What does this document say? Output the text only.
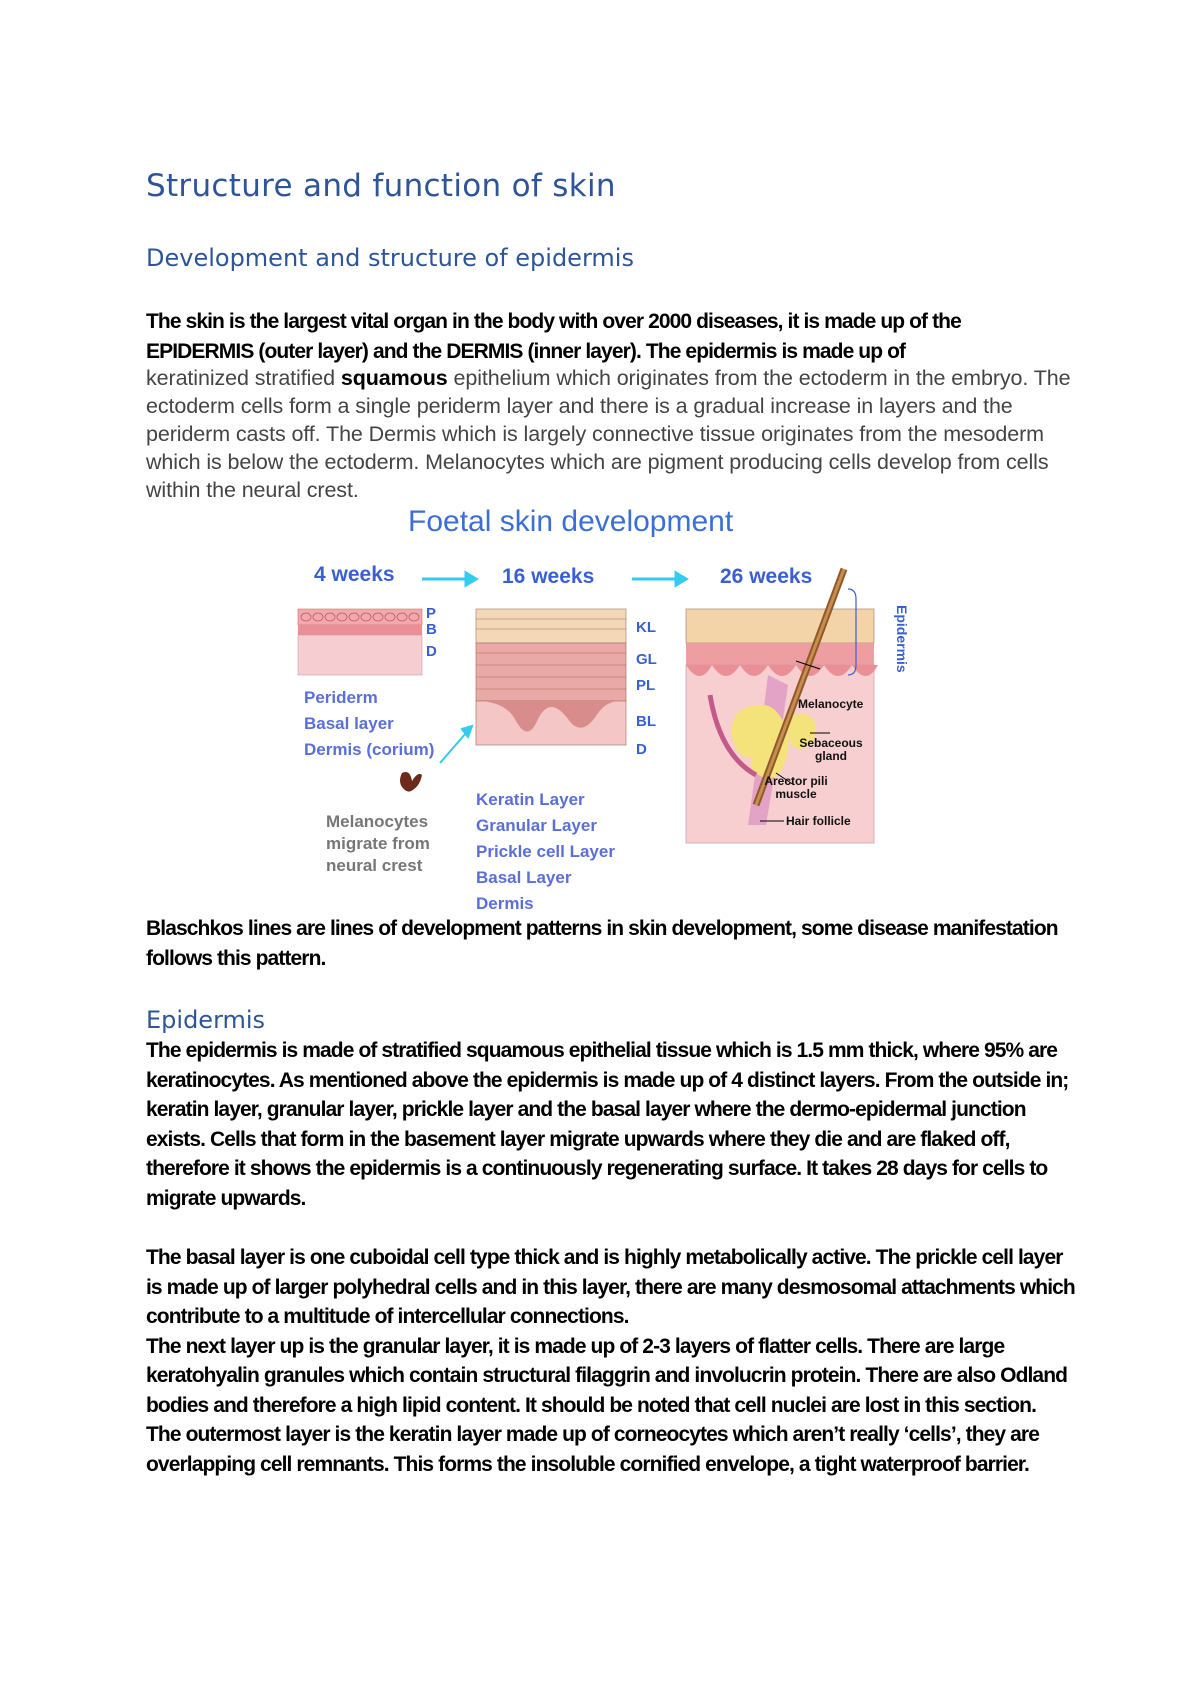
Structure and function of skin
Development and structure of epidermis

The skin is the largest vital organ in the body with over 2000 diseases, it is made up of the
EPIDERMIS (outer layer) and the DERMIS (inner layer). The epidermis is made up of

keratinized stratified squamous epithelium which originates from the ectoderm in the embryo. The ectoderm cells form a single periderm layer and there is a gradual increase in layers and the periderm casts off. The Dermis which is largely connective tissue originates from the mesoderm which is below the ectoderm. Melanocytes which are pigment producing cells develop from cells within the neural crest.

Foetal skin development
4 weeks	16 weeks	26 weeks
P
B
D
Periderm
Basal layer
Dermis (corium)
Melanocytes
migrate from
neural crest
KL
GL
PL
BL
D
Keratin Layer
Granular Layer
Prickle cell Layer
Basal Layer
Dermis
Epidermis
Melanocyte
Sebaceous gland
Arector pili muscle
Hair follicle

Blaschkos lines are lines of development patterns in skin development, some disease manifestation follows this pattern.

Epidermis

The epidermis is made of stratified squamous epithelial tissue which is 1.5 mm thick, where 95% are keratinocytes. As mentioned above the epidermis is made up of 4 distinct layers. From the outside in; keratin layer, granular layer, prickle layer and the basal layer where the dermo-epidermal junction exists. Cells that form in the basement layer migrate upwards where they die and are flaked off, therefore it shows the epidermis is a continuously regenerating surface. It takes 28 days for cells to migrate upwards.

The basal layer is one cuboidal cell type thick and is highly metabolically active. The prickle cell layer is made up of larger polyhedral cells and in this layer, there are many desmosomal attachments which contribute to a multitude of intercellular connections.
The next layer up is the granular layer, it is made up of 2-3 layers of flatter cells. There are large keratohyalin granules which contain structural filaggrin and involucrin protein. There are also Odland bodies and therefore a high lipid content. It should be noted that cell nuclei are lost in this section.
The outermost layer is the keratin layer made up of corneocytes which aren’t really ‘cells’, they are overlapping cell remnants. This forms the insoluble cornified envelope, a tight waterproof barrier.
